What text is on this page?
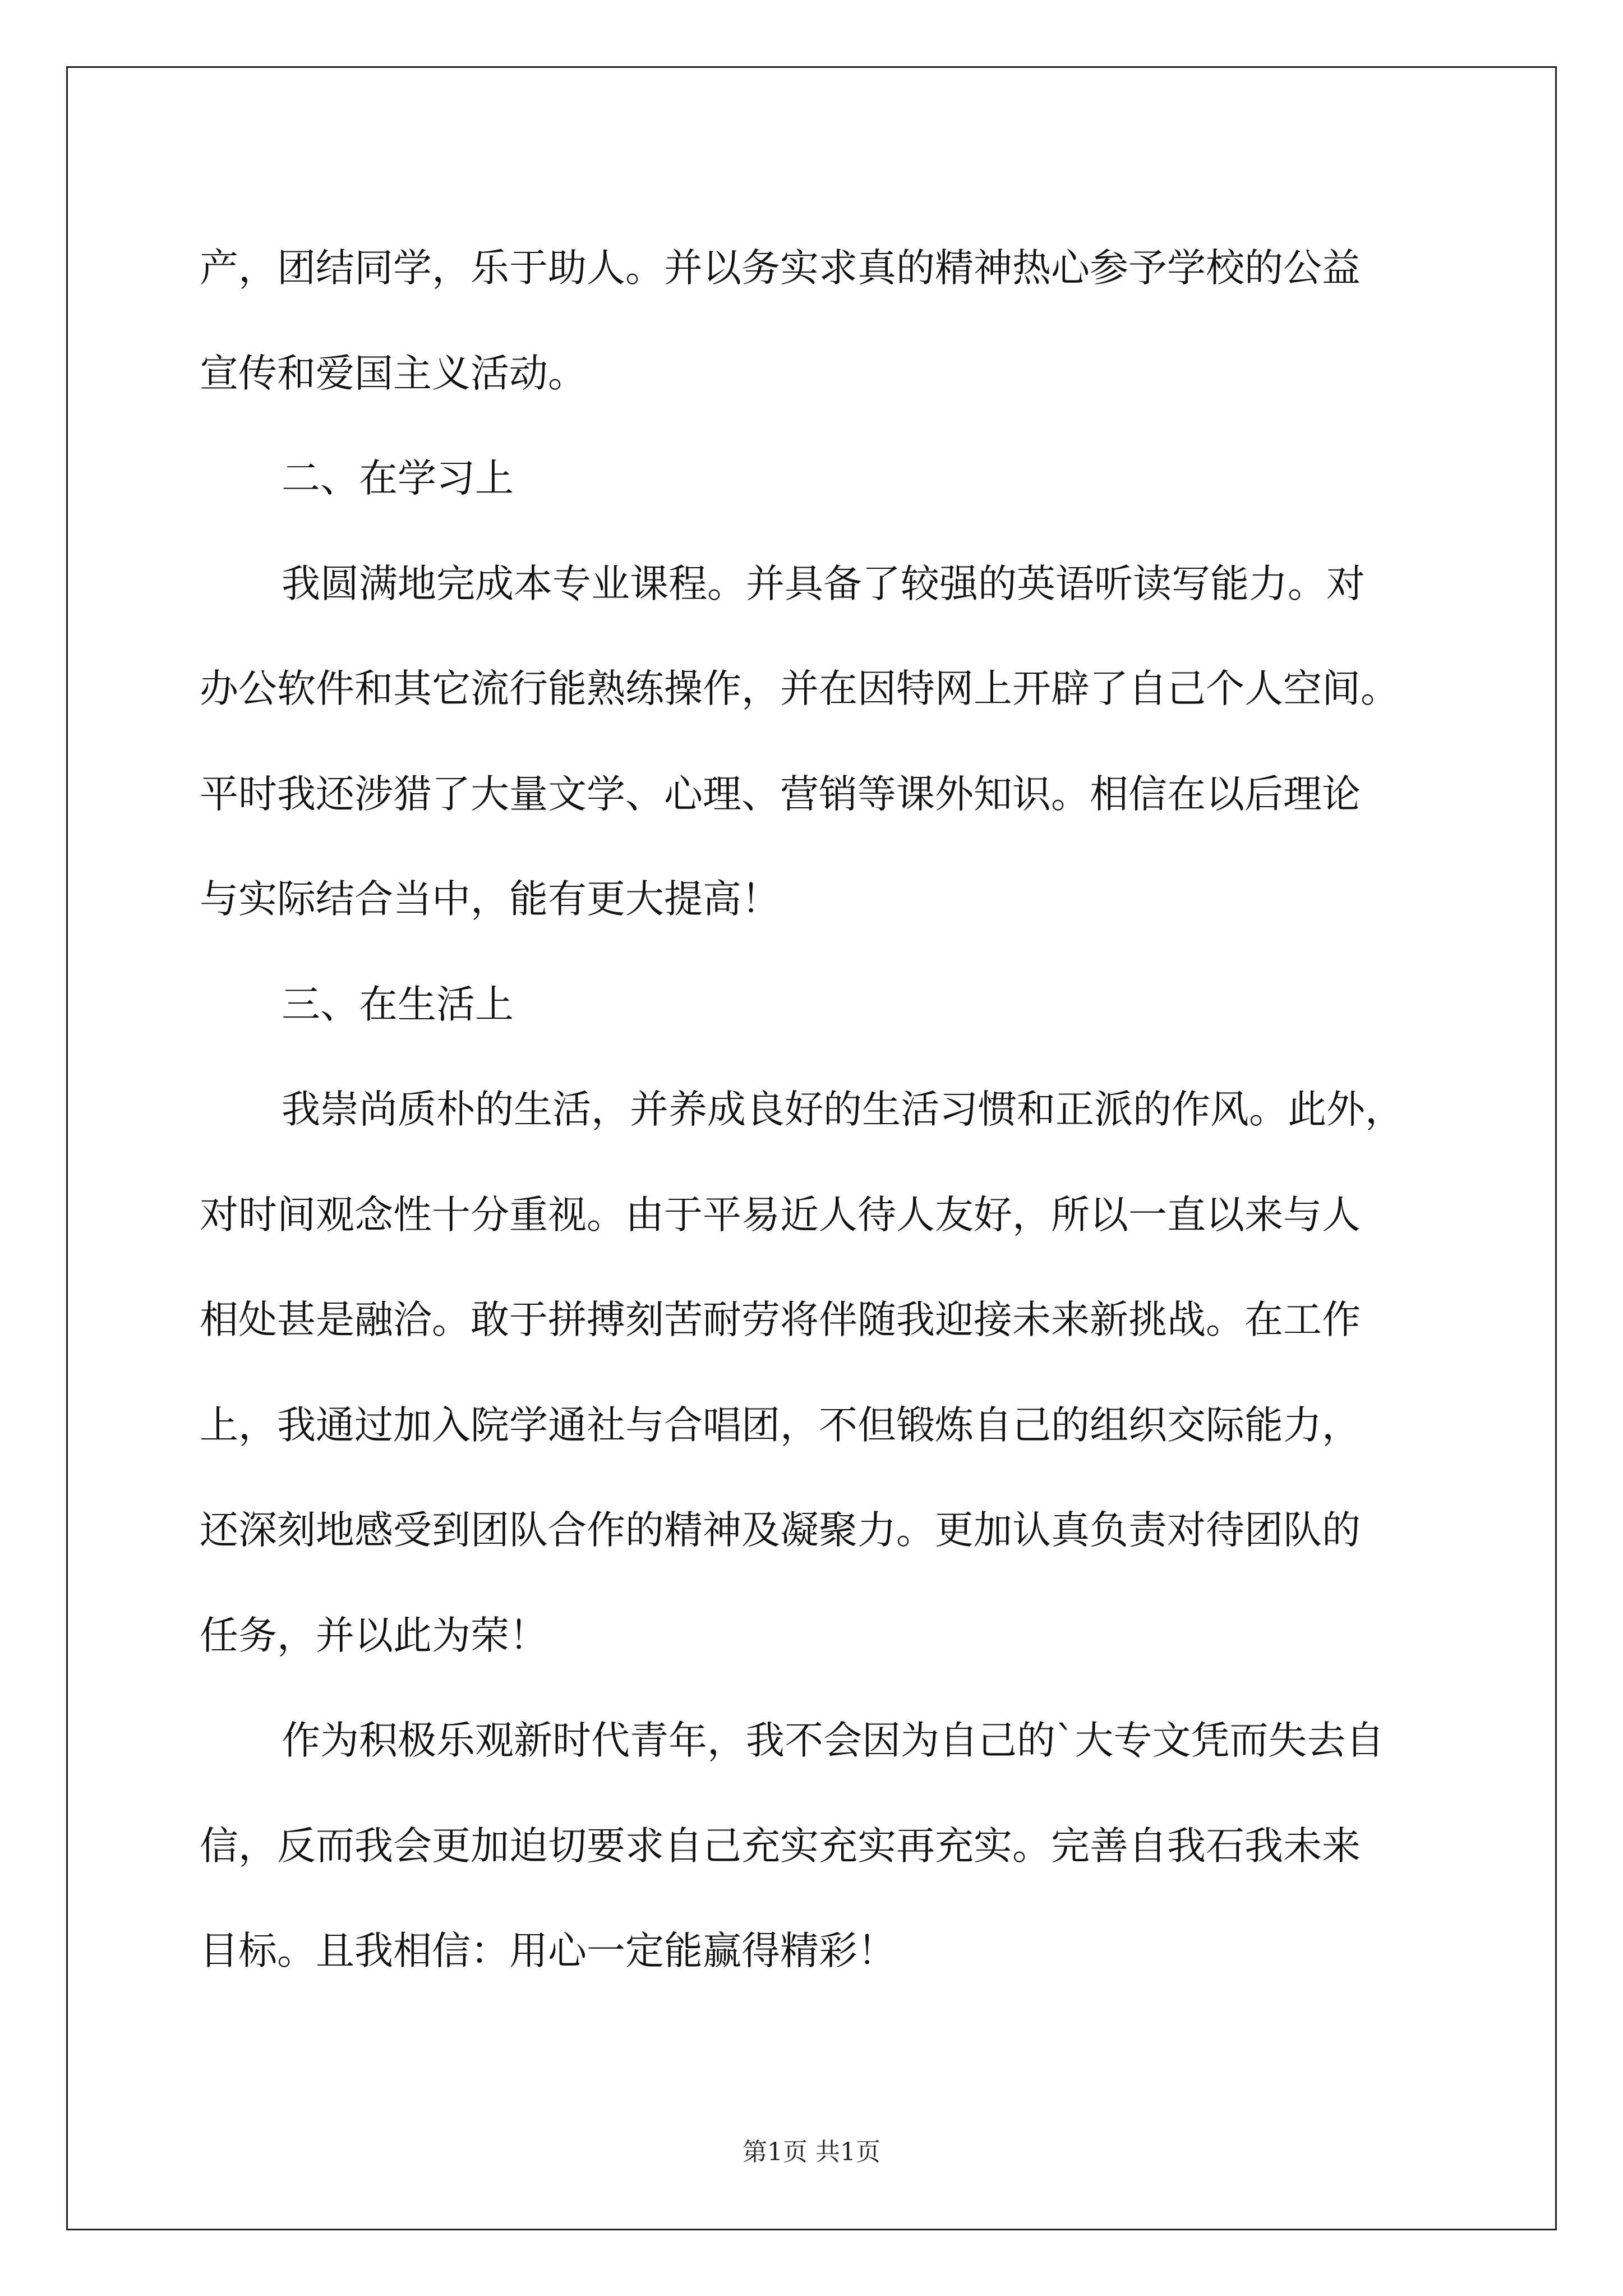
产，团结同学，乐于助人。并以务实求真的精神热心参予学校的公益

宣传和爱国主义活动。

二、在学习上

我圆满地完成本专业课程。并具备了较强的英语听读写能力。对

办公软件和其它流行能熟练操作，并在因特网上开辟了自己个人空间。

平时我还涉猎了大量文学、心理、营销等课外知识。相信在以后理论

与实际结合当中，能有更大提高！

三、在生活上

我崇尚质朴的生活，并养成良好的生活习惯和正派的作风。此外，

对时间观念性十分重视。由于平易近人待人友好，所以一直以来与人

相处甚是融洽。敢于拼搏刻苦耐劳将伴随我迎接未来新挑战。在工作

上，我通过加入院学通社与合唱团，不但锻炼自己的组织交际能力，

还深刻地感受到团队合作的精神及凝聚力。更加认真负责对待团队的

任务，并以此为荣！

作为积极乐观新时代青年，我不会因为自己的`大专文凭而失去自

信，反而我会更加迫切要求自己充实充实再充实。完善自我石我未来

目标。且我相信：用心一定能赢得精彩！

第1页 共1页
